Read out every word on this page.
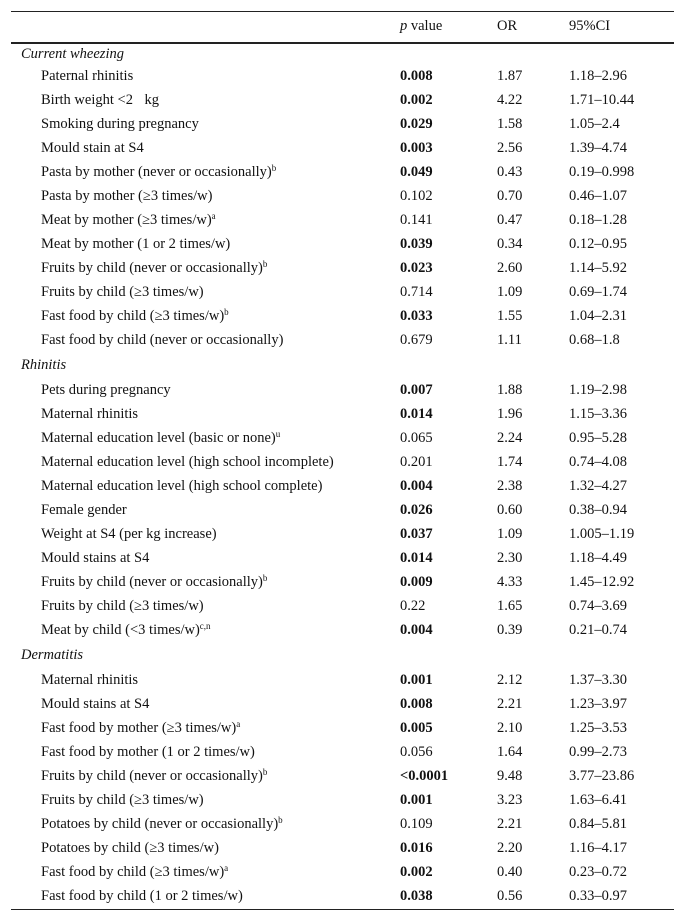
	p value	OR	95%CI
Current wheezing			
Paternal rhinitis	0.008	1.87	1.18–2.96
Birth weight <2    kg	0.002	4.22	1.71–10.44
Smoking during pregnancy	0.029	1.58	1.05–2.4
Mould stain at S4	0.003	2.56	1.39–4.74
Pasta by mother (never or occasionally)$^b$	0.049	0.43	0.19–0.998
Pasta by mother (≥3 times/w)	0.102	0.70	0.46–1.07
Meat by mother (≥3 times/w)$^a$	0.141	0.47	0.18–1.28
Meat by mother (1 or 2 times/w)	0.039	0.34	0.12–0.95
Fruits by child (never or occasionally)$^b$	0.023	2.60	1.14–5.92
Fruits by child (≥3 times/w)	0.714	1.09	0.69–1.74
Fast food by child (≥3 times/w)$^b$	0.033	1.55	1.04–2.31
Fast food by child (never or occasionally)	0.679	1.11	0.68–1.8
Rhinitis			
Pets during pregnancy	0.007	1.88	1.19–2.98
Maternal rhinitis	0.014	1.96	1.15–3.36
Maternal education level (basic or none)$^u$	0.065	2.24	0.95–5.28
Maternal education level (high school incomplete)	0.201	1.74	0.74–4.08
Maternal education level (high school complete)	0.004	2.38	1.32–4.27
Female gender	0.026	0.60	0.38–0.94
Weight at S4 (per kg increase)	0.037	1.09	1.005–1.19
Mould stains at S4	0.014	2.30	1.18–4.49
Fruits by child (never or occasionally)$^b$	0.009	4.33	1.45–12.92
Fruits by child (≥3 times/w)	0.22	1.65	0.74–3.69
Meat by child (<3 times/w)$^{c,n}$	0.004	0.39	0.21–0.74
Dermatitis			
Maternal rhinitis	0.001	2.12	1.37–3.30
Mould stains at S4	0.008	2.21	1.23–3.97
Fast food by mother (≥3 times/w)$^a$	0.005	2.10	1.25–3.53
Fast food by mother (1 or 2 times/w)	0.056	1.64	0.99–2.73
Fruits by child (never or occasionally)$^b$	<0.0001	9.48	3.77–23.86
Fruits by child (≥3 times/w)	0.001	3.23	1.63–6.41
Potatoes by child (never or occasionally)$^b$	0.109	2.21	0.84–5.81
Potatoes by child (≥3 times/w)	0.016	2.20	1.16–4.17
Fast food by child (≥3 times/w)$^a$	0.002	0.40	0.23–0.72
Fast food by child (1 or 2 times/w)	0.038	0.56	0.33–0.97
